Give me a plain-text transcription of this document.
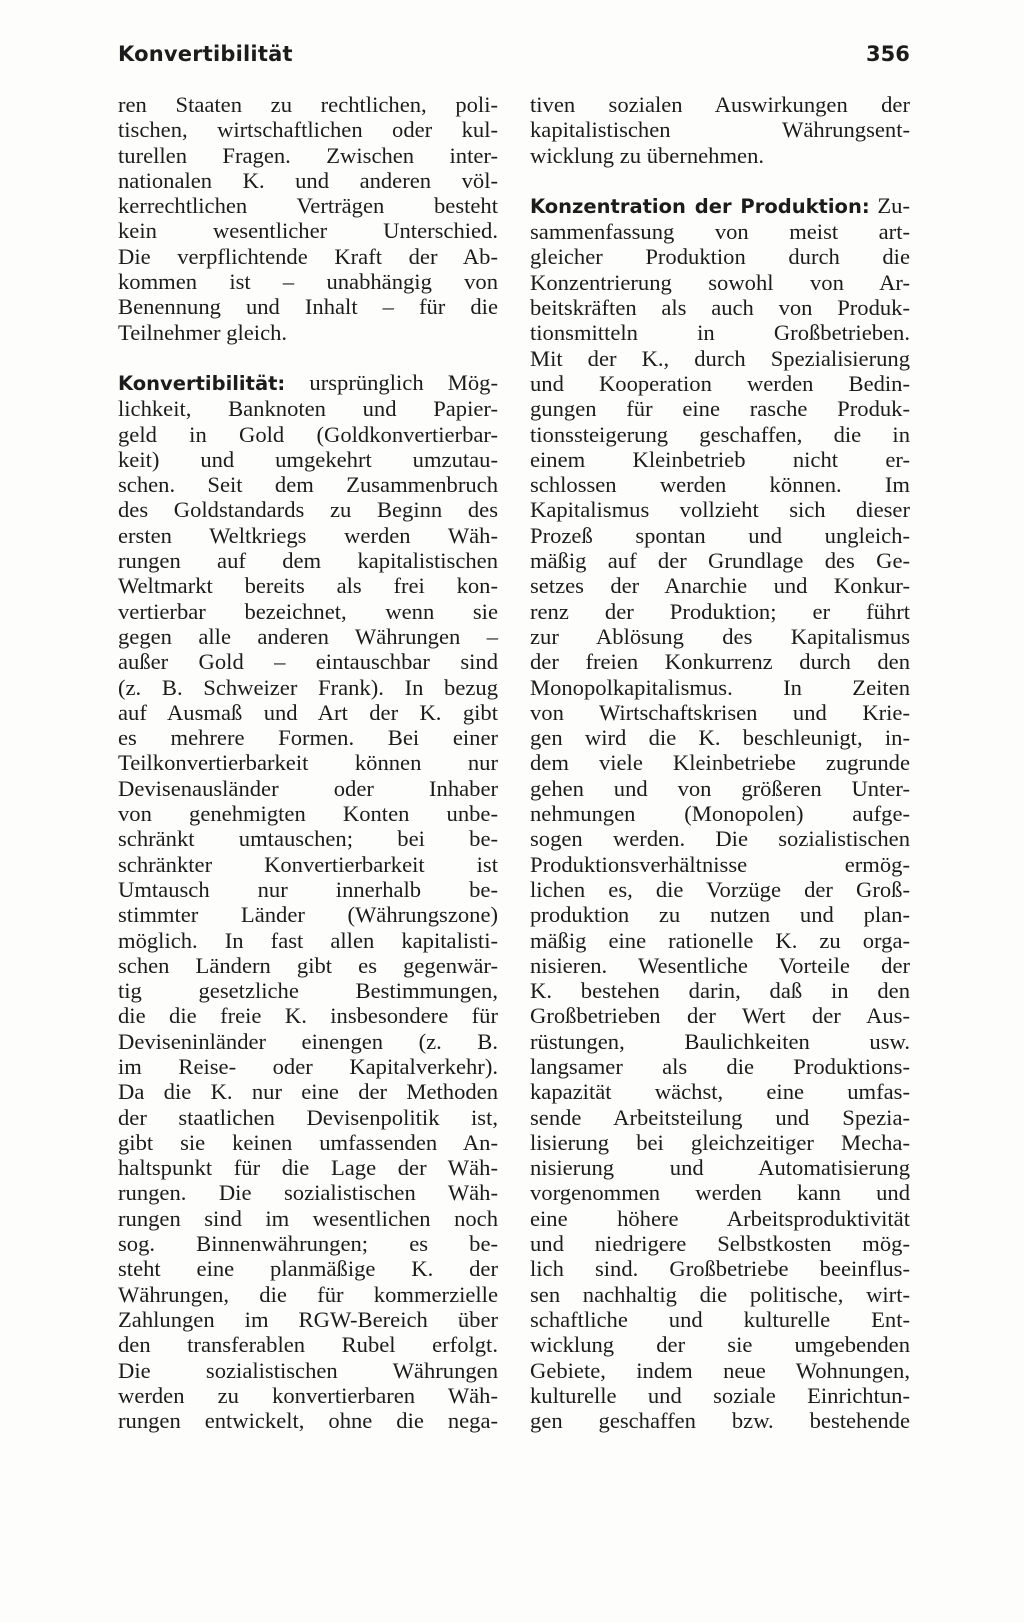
Konvertibilität	356
ren Staaten zu rechtlichen, poli-
tischen, wirtschaftlichen oder kul-
turellen Fragen. Zwischen inter-
nationalen K. und anderen völ-
kerrechtlichen Verträgen besteht
kein wesentlicher Unterschied.
Die verpflichtende Kraft der Ab-
kommen ist – unabhängig von
Benennung und Inhalt – für die
Teilnehmer gleich.
Konvertibilität: ursprünglich Mög-
lichkeit, Banknoten und Papier-
geld in Gold (Goldkonvertierbar-
keit) und umgekehrt umzutau-
schen. Seit dem Zusammenbruch
des Goldstandards zu Beginn des
ersten Weltkriegs werden Wäh-
rungen auf dem kapitalistischen
Weltmarkt bereits als frei kon-
vertierbar bezeichnet, wenn sie
gegen alle anderen Währungen –
außer Gold – eintauschbar sind
(z. B. Schweizer Frank). In bezug
auf Ausmaß und Art der K. gibt
es mehrere Formen. Bei einer
Teilkonvertierbarkeit können nur
Devisenausländer oder Inhaber
von genehmigten Konten unbe-
schränkt umtauschen; bei be-
schränkter Konvertierbarkeit ist
Umtausch nur innerhalb be-
stimmter Länder (Währungszone)
möglich. In fast allen kapitalisti-
schen Ländern gibt es gegenwär-
tig gesetzliche Bestimmungen,
die die freie K. insbesondere für
Deviseninländer einengen (z. B.
im Reise- oder Kapitalverkehr).
Da die K. nur eine der Methoden
der staatlichen Devisenpolitik ist,
gibt sie keinen umfassenden An-
haltspunkt für die Lage der Wäh-
rungen. Die sozialistischen Wäh-
rungen sind im wesentlichen noch
sog. Binnenwährungen; es be-
steht eine planmäßige K. der
Währungen, die für kommerzielle
Zahlungen im RGW-Bereich über
den transferablen Rubel erfolgt.
Die sozialistischen Währungen
werden zu konvertierbaren Wäh-
rungen entwickelt, ohne die nega-
tiven sozialen Auswirkungen der
kapitalistischen Währungsent-
wicklung zu übernehmen.
Konzentration der Produktion: Zu-
sammenfassung von meist art-
gleicher Produktion durch die
Konzentrierung sowohl von Ar-
beitskräften als auch von Produk-
tionsmitteln in Großbetrieben.
Mit der K., durch Spezialisierung
und Kooperation werden Bedin-
gungen für eine rasche Produk-
tionssteigerung geschaffen, die in
einem Kleinbetrieb nicht er-
schlossen werden können. Im
Kapitalismus vollzieht sich dieser
Prozeß spontan und ungleich-
mäßig auf der Grundlage des Ge-
setzes der Anarchie und Konkur-
renz der Produktion; er führt
zur Ablösung des Kapitalismus
der freien Konkurrenz durch den
Monopolkapitalismus. In Zeiten
von Wirtschaftskrisen und Krie-
gen wird die K. beschleunigt, in-
dem viele Kleinbetriebe zugrunde
gehen und von größeren Unter-
nehmungen (Monopolen) aufge-
sogen werden. Die sozialistischen
Produktionsverhältnisse ermög-
lichen es, die Vorzüge der Groß-
produktion zu nutzen und plan-
mäßig eine rationelle K. zu orga-
nisieren. Wesentliche Vorteile der
K. bestehen darin, daß in den
Großbetrieben der Wert der Aus-
rüstungen, Baulichkeiten usw.
langsamer als die Produktions-
kapazität wächst, eine umfas-
sende Arbeitsteilung und Spezia-
lisierung bei gleichzeitiger Mecha-
nisierung und Automatisierung
vorgenommen werden kann und
eine höhere Arbeitsproduktivität
und niedrigere Selbstkosten mög-
lich sind. Großbetriebe beeinflus-
sen nachhaltig die politische, wirt-
schaftliche und kulturelle Ent-
wicklung der sie umgebenden
Gebiete, indem neue Wohnungen,
kulturelle und soziale Einrichtun-
gen geschaffen bzw. bestehende
